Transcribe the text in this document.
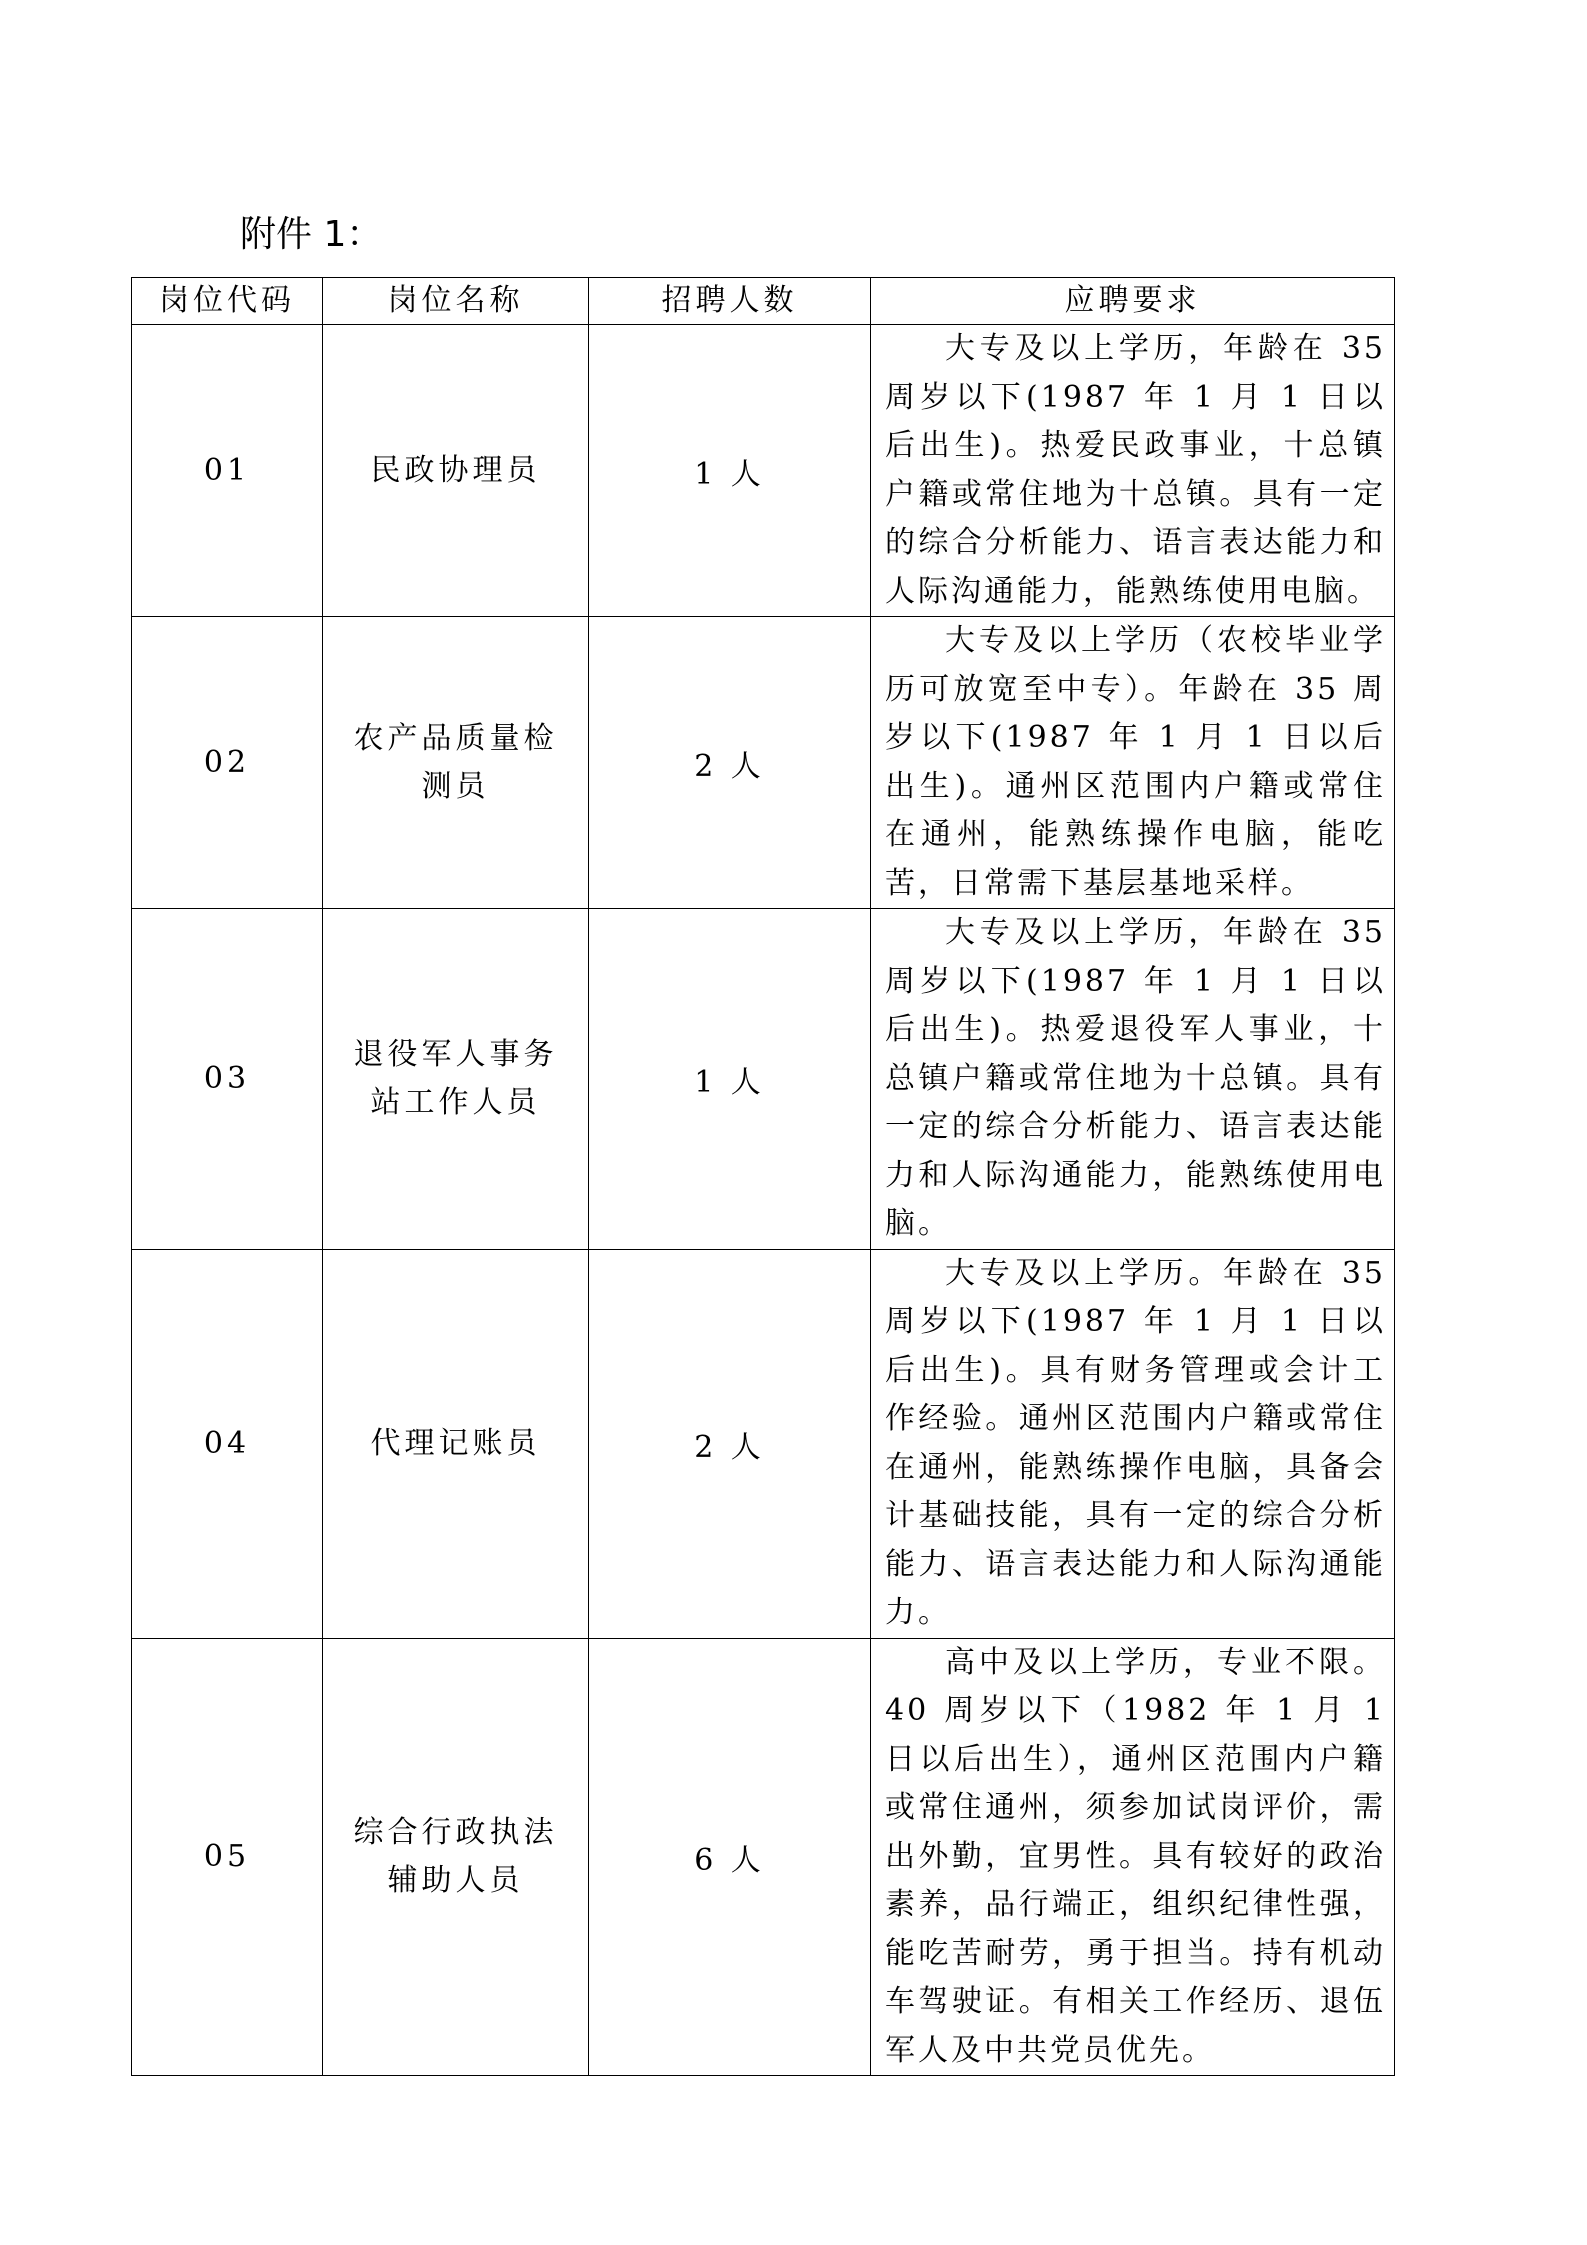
附件 1：
岗位代码	岗位名称	招聘人数	应聘要求
01	民政协理员	1 人	大专及以上学历，年龄在 35 周岁以下(1987 年 1 月 1 日以后出生)。热爱民政事业，十总镇户籍或常住地为十总镇。具有一定的综合分析能力、语言表达能力和人际沟通能力，能熟练使用电脑。

02	农产品质量检测员	2 人	大专及以上学历（农校毕业学历可放宽至中专）。年龄在 35 周岁以下(1987 年 1 月 1 日以后出生)。通州区范围内户籍或常住在通州，能熟练操作电脑，能吃苦，日常需下基层基地采样。

03	退役军人事务站工作人员	1 人	大专及以上学历，年龄在 35 周岁以下(1987 年 1 月 1 日以后出生)。热爱退役军人事业，十总镇户籍或常住地为十总镇。具有一定的综合分析能力、语言表达能力和人际沟通能力，能熟练使用电脑。

04	代理记账员	2 人	大专及以上学历。年龄在 35 周岁以下(1987 年 1 月 1 日以后出生)。具有财务管理或会计工作经验。通州区范围内户籍或常住在通州，能熟练操作电脑，具备会计基础技能，具有一定的综合分析能力、语言表达能力和人际沟通能力。

05	综合行政执法辅助人员	6 人	高中及以上学历，专业不限。40 周岁以下（1982 年 1 月 1 日以后出生），通州区范围内户籍或常住通州，须参加试岗评价，需出外勤，宜男性。具有较好的政治素养，品行端正，组织纪律性强，能吃苦耐劳，勇于担当。持有机动车驾驶证。有相关工作经历、退伍军人及中共党员优先。
